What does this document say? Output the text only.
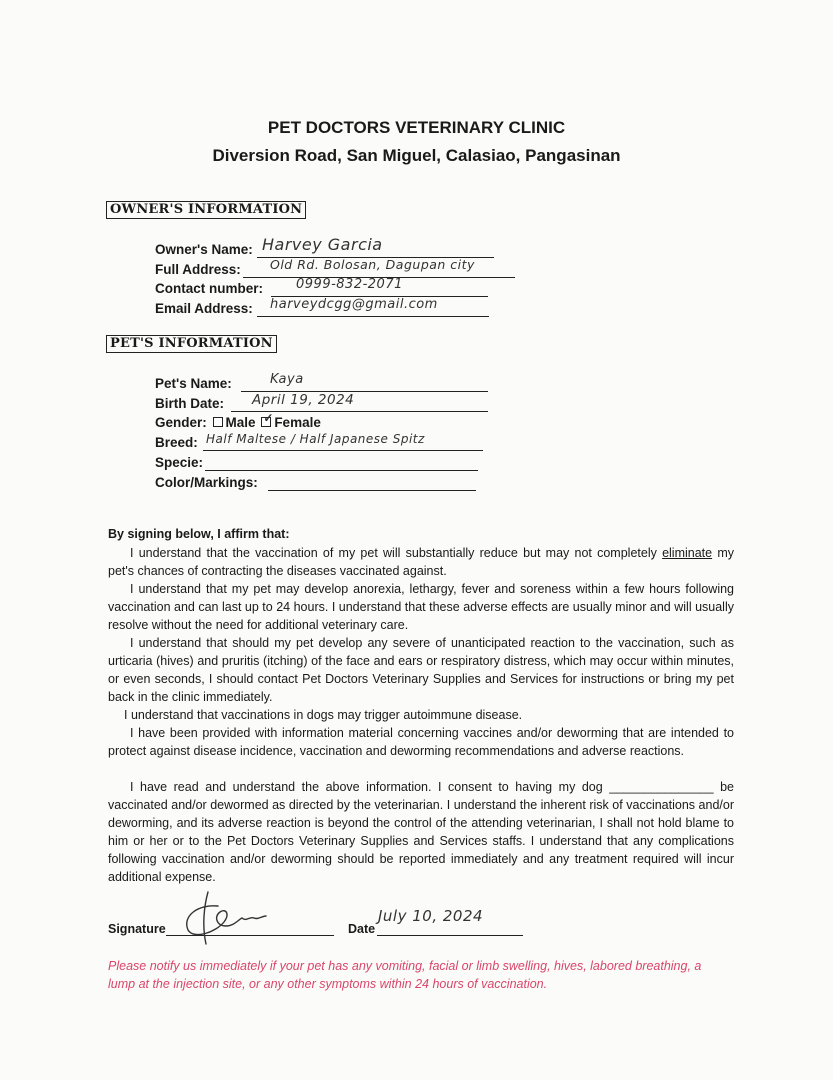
PET DOCTORS VETERINARY CLINIC
Diversion Road, San Miguel, Calasiao, Pangasinan
OWNER'S INFORMATION
Owner's Name: Harvey Garcia
Full Address: Old Rd. Bolosan, Dagupan city
Contact number:	0999-832-2071
Email Address: harveydcgg@gmail.com
PET'S INFORMATION
Pet's Name:	Kaya
Birth Date: April 19, 2024
Gender: Male ✓ Female
Breed: Half Maltese / Half Japanese Spitz
Specie:
Color/Markings:
By signing below, I affirm that:

I understand that the vaccination of my pet will substantially reduce but may not completely eliminate my pet's chances of contracting the diseases vaccinated against.

I understand that my pet may develop anorexia, lethargy, fever and soreness within a few hours following vaccination and can last up to 24 hours. I understand that these adverse effects are usually minor and will usually resolve without the need for additional veterinary care.

I understand that should my pet develop any severe of unanticipated reaction to the vaccination, such as urticaria (hives) and pruritis (itching) of the face and ears or respiratory distress, which may occur within minutes, or even seconds, I should contact Pet Doctors Veterinary Supplies and Services for instructions or bring my pet back in the clinic immediately.

I understand that vaccinations in dogs may trigger autoimmune disease.

I have been provided with information material concerning vaccines and/or deworming that are intended to protect against disease incidence, vaccination and deworming recommendations and adverse reactions.

I have read and understand the above information. I consent to having my dog _______________ be vaccinated and/or dewormed as directed by the veterinarian. I understand the inherent risk of vaccinations and/or deworming, and its adverse reaction is beyond the control of the attending veterinarian, I shall not hold blame to him or her or to the Pet Doctors Veterinary Supplies and Services staffs. I understand that any complications following vaccination and/or deworming should be reported immediately and any treatment required will incur additional expense.

Signature	Date
July 10, 2024
Please notify us immediately if your pet has any vomiting, facial or limb swelling, hives, labored breathing, a lump at the injection site, or any other symptoms within 24 hours of vaccination.
